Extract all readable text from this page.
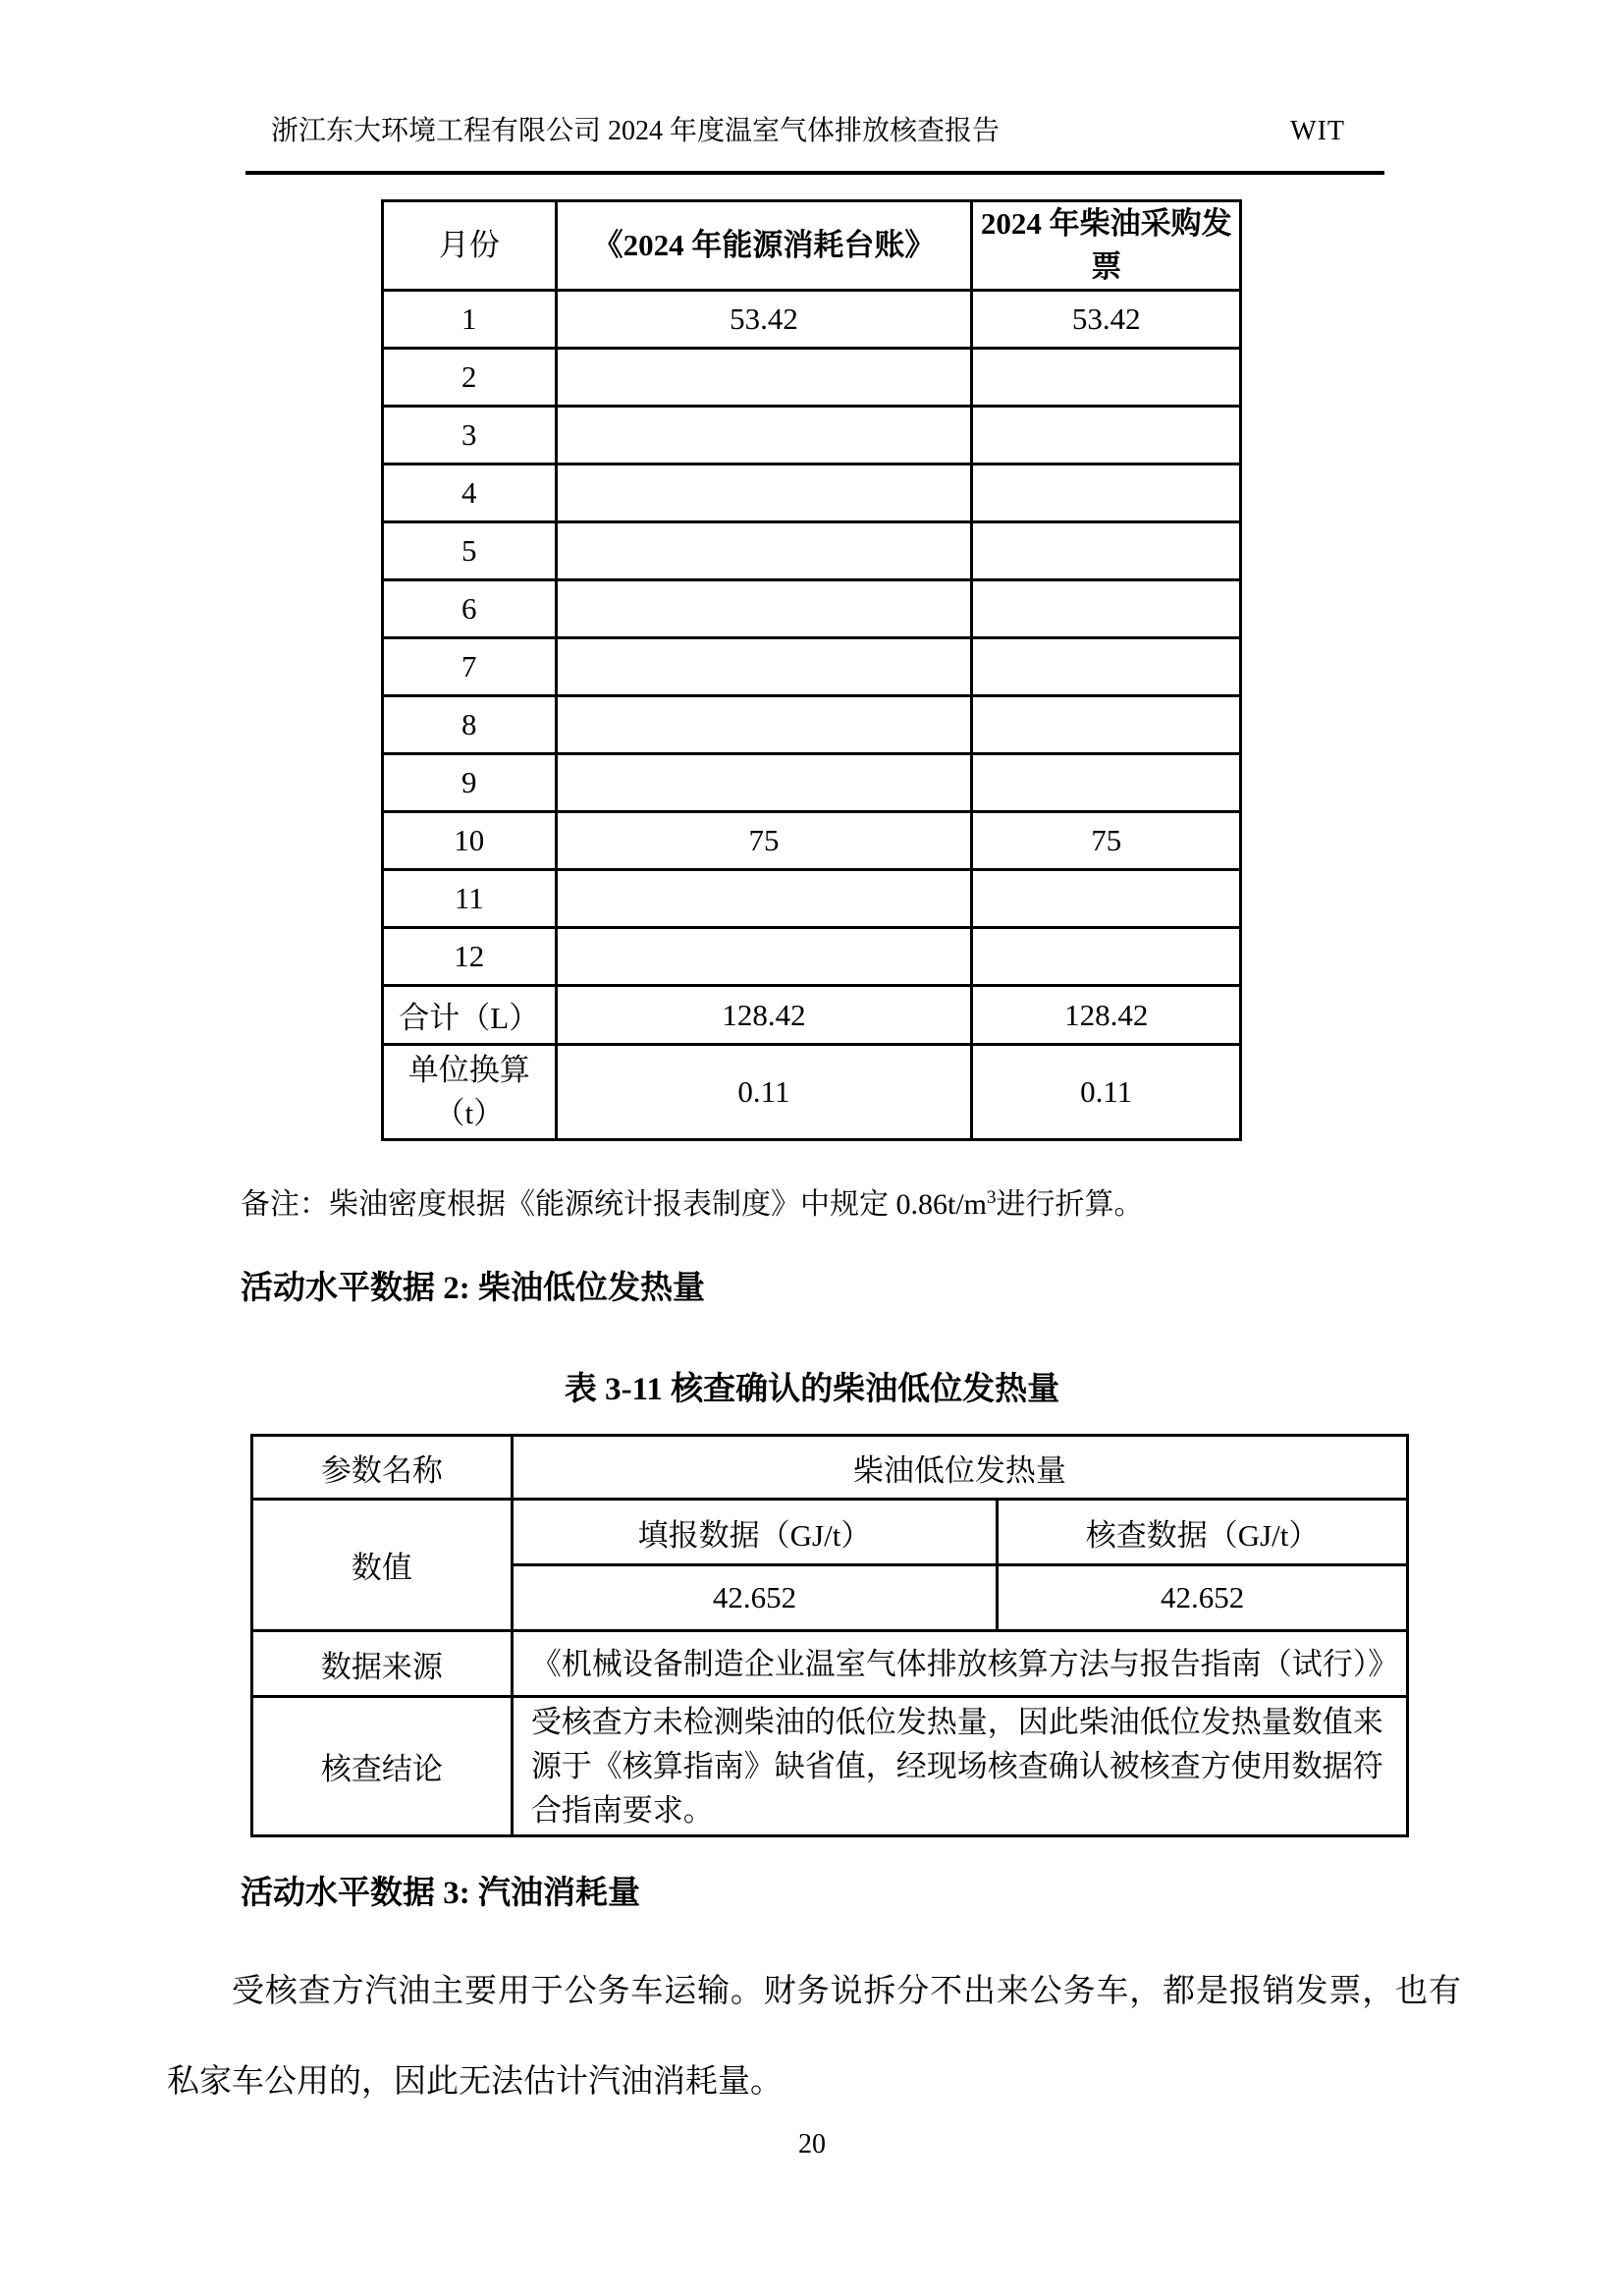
浙江东大环境工程有限公司 2024 年度温室气体排放核查报告	WIT
月份	《2024 年能源消耗台账》	2024 年柴油采购发票
1	53.42	53.42
2		
3		
4		
5		
6		
7		
8		
9		
10	75	75
11		
12		
合计（L）	128.42	128.42
单位换算（t）	0.11	0.11
备注：柴油密度根据《能源统计报表制度》中规定 $0.86t/m^3$进行折算。
活动水平数据 2: 柴油低位发热量
表 3-11 核查确认的柴油低位发热量
参数名称	柴油低位发热量	
数值	填报数据（GJ/t）	核查数据（GJ/t）
	42.652	42.652
数据来源	《机械设备制造企业温室气体排放核算方法与报告指南（试行）》	
核查结论	受核查方未检测柴油的低位发热量，因此柴油低位发热量数值来源于《核算指南》缺省值，经现场核查确认被核查方使用数据符合指南要求。	
活动水平数据 3: 汽油消耗量
受核查方汽油主要用于公务车运输。财务说拆分不出来公务车，都是报销发票，也有私家车公用的，因此无法估计汽油消耗量。
20
